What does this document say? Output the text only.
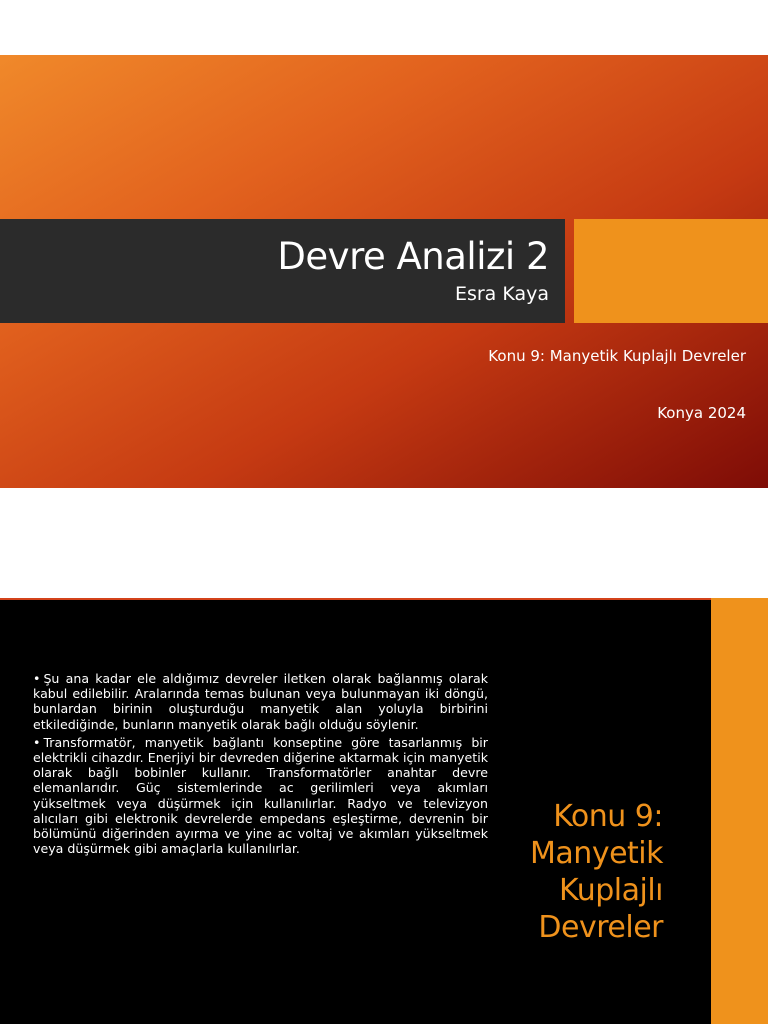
Devre Analizi 2
Esra Kaya
Konu 9: Manyetik Kuplajlı Devreler
Konya 2024

• Şu ana kadar ele aldığımız devreler iletken olarak bağlanmış olarak kabul edilebilir. Aralarında temas bulunan veya bulunmayan iki döngü, bunlardan birinin oluşturduğu manyetik alan yoluyla birbirini etkilediğinde, bunların manyetik olarak bağlı olduğu söylenir.

• Transformatör, manyetik bağlantı konseptine göre tasarlanmış bir elektrikli cihazdır. Enerjiyi bir devreden diğerine aktarmak için manyetik olarak bağlı bobinler kullanır. Transformatörler anahtar devre elemanlarıdır. Güç sistemlerinde ac gerilimleri veya akımları yükseltmek veya düşürmek için kullanılırlar. Radyo ve televizyon alıcıları gibi elektronik devrelerde empedans eşleştirme, devrenin bir bölümünü diğerinden ayırma ve yine ac voltaj ve akımları yükseltmek veya düşürmek gibi amaçlarla kullanılırlar.

Konu 9:
Manyetik
Kuplajlı
Devreler
